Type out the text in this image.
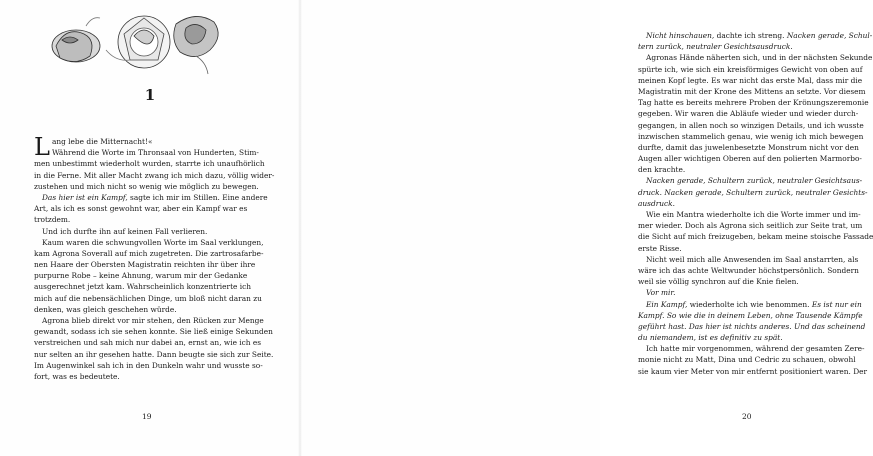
1
Lang lebe die Mitternacht!«
Während die Worte im Thronsaal von Hunderten, Stim-
men unbestimmt wiederholt wurden, starrte ich unaufhörlich
in die Ferne. Mit aller Macht zwang ich mich dazu, völlig wider-
zustehen und mich nicht so wenig wie möglich zu bewegen.
Das hier ist ein Kampf, sagte ich mir im Stillen. Eine andere
Art, als ich es sonst gewohnt war, aber ein Kampf war es
trotzdem.
Und ich durfte ihn auf keinen Fall verlieren.
Kaum waren die schwungvollen Worte im Saal verklungen,
kam Agrona Soverall auf mich zugetreten. Die zartrosafarbe-
nen Haare der Obersten Magistratin reichten ihr über ihre
purpurne Robe – keine Ahnung, warum mir der Gedanke
ausgerechnet jetzt kam. Wahrscheinlich konzentrierte ich
mich auf die nebensächlichen Dinge, um bloß nicht daran zu
denken, was gleich geschehen würde.
Agrona blieb direkt vor mir stehen, den Rücken zur Menge
gewandt, sodass ich sie sehen konnte. Sie ließ einige Sekunden
verstreichen und sah mich nur dabei an, ernst an, wie ich es
nur selten an ihr gesehen hatte. Dann beugte sie sich zur Seite.
Im Augenwinkel sah ich in den Dunkeln wahr und wusste so-
fort, was es bedeutete.
19
Nicht hinschauen, dachte ich streng. Nacken gerade, Schul-
tern zurück, neutraler Gesichtsausdruck.
Agronas Hände näherten sich, und in der nächsten Sekunde
spürte ich, wie sich ein kreisförmiges Gewicht von oben auf
meinen Kopf legte. Es war nicht das erste Mal, dass mir die
Magistratin mit der Krone des Mittens an setzte. Vor diesem
Tag hatte es bereits mehrere Proben der Krönungszeremonie
gegeben. Wir waren die Abläufe wieder und wieder durch-
gegangen, in allen noch so winzigen Details, und ich wusste
inzwischen stammelich genau, wie wenig ich mich bewegen
durfte, damit das juwelenbesetzte Monstrum nicht vor den
Augen aller wichtigen Oberen auf den polierten Marmorbo-
den krachte.
Nacken gerade, Schultern zurück, neutraler Gesichtsaus-
druck. Nacken gerade, Schultern zurück, neutraler Gesichts-
ausdruck.
Wie ein Mantra wiederholte ich die Worte immer und im-
mer wieder. Doch als Agrona sich seitlich zur Seite trat, um
die Sicht auf mich freizugeben, bekam meine stoische Fassade
erste Risse.
Nicht weil mich alle Anwesenden im Saal anstarrten, als
wäre ich das achte Weltwunder höchstpersönlich. Sondern
weil sie völlig synchron auf die Knie fielen.
Vor mir.
Ein Kampf, wiederholte ich wie benommen. Es ist nur ein
Kampf. So wie die in deinem Leben, ohne Tausende Kämpfe
geführt hast. Das hier ist nichts anderes. Und das scheinend
du niemandem, ist es definitiv zu spät.
Ich hatte mir vorgenommen, während der gesamten Zere-
monie nicht zu Matt, Dina und Cedric zu schauen, obwohl
sie kaum vier Meter von mir entfernt positioniert waren. Der
20
